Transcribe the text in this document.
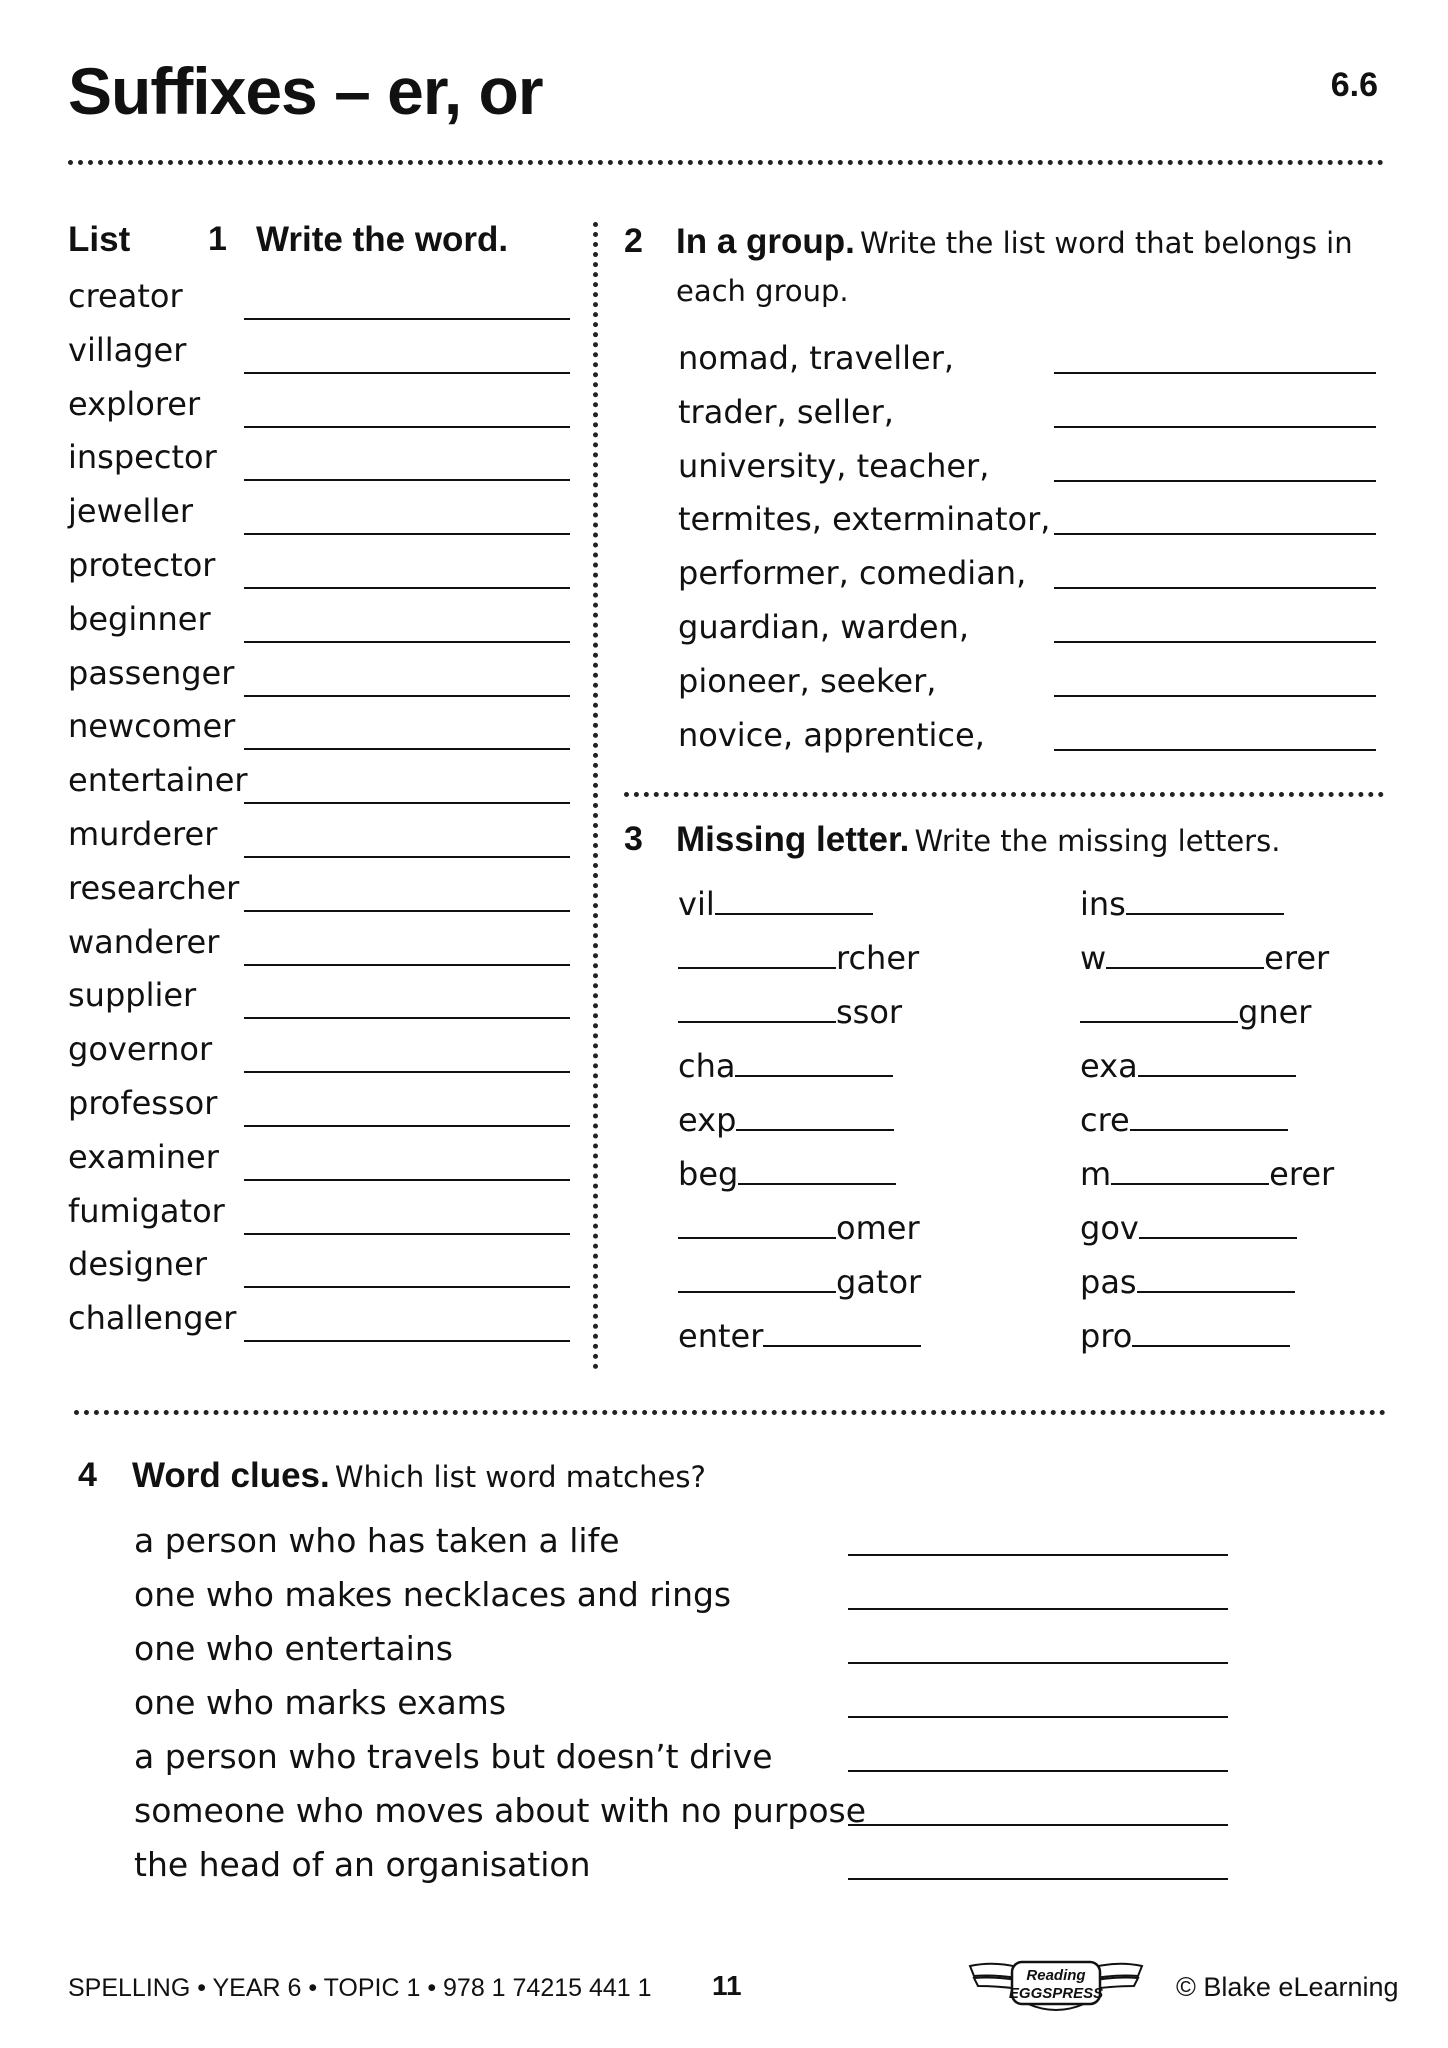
Suffixes – er, or	6.6
List 1 Write the word.
creator
villager
explorer
inspector
jeweller
protector
beginner
passenger
newcomer
entertainer
murderer
researcher
wanderer
supplier
governor
professor
examiner
fumigator
designer
challenger
2 In a group. Write the list word that belongs in
each group.
nomad, traveller,
trader, seller,
university, teacher,
termites, exterminator,
performer, comedian,
guardian, warden,
pioneer, seeker,
novice, apprentice,
3 Missing letter. Write the missing letters.
vil
rcher
ssor
cha
exp
beg
omer
gator
enter
ins
w	erer
gner
exa
cre
m	erer
gov
pas
pro
4 Word clues. Which list word matches?
a person who has taken a life
one who makes necklaces and rings
one who entertains
one who marks exams
a person who travels but doesn’t drive
someone who moves about with no purpose
the head of an organisation
SPELLING • YEAR 6 • TOPIC 1 • 978 1 74215 441 1 11	Reading
EGGSPRESS	© Blake eLearning
